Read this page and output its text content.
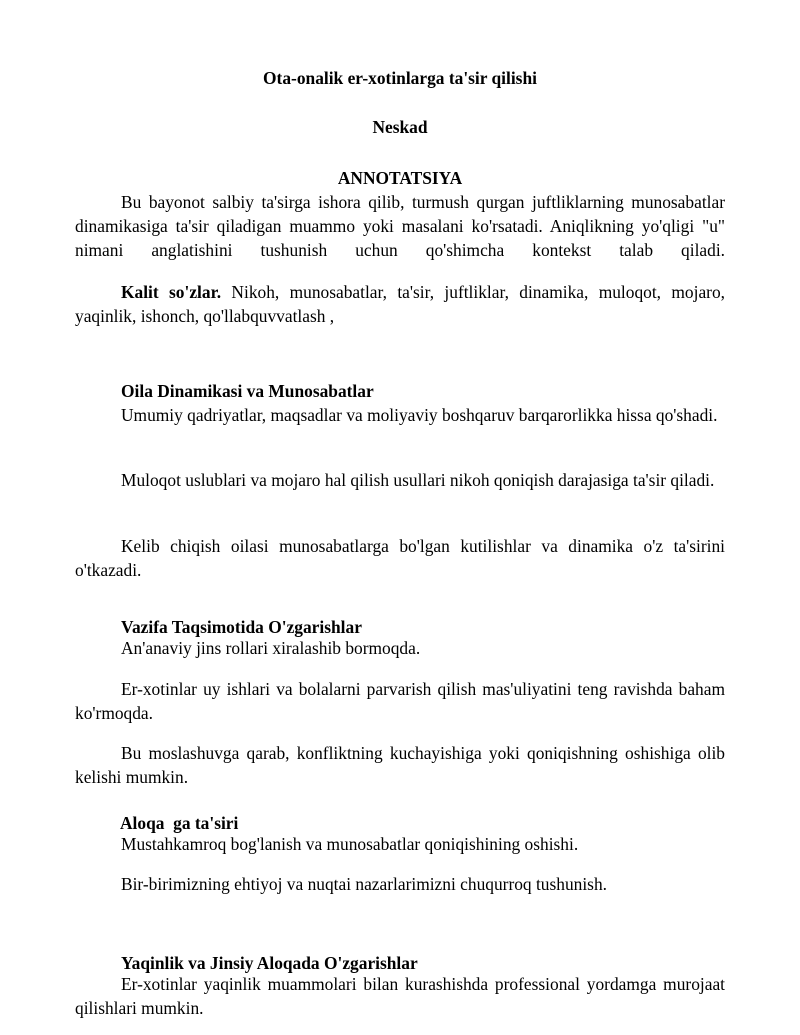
Ota-onalik er-xotinlarga ta'sir qilishi

Neskad

ANNOTATSIYA

Bu bayonot salbiy ta'sirga ishora qilib, turmush qurgan juftliklarning munosabatlar dinamikasiga ta'sir qiladigan muammo yoki masalani ko'rsatadi. Aniqlikning yo'qligi "u" nimani anglatishini tushunish uchun qo'shimcha kontekst talab qiladi.

Kalit so'zlar. Nikoh, munosabatlar, ta'sir, juftliklar, dinamika, muloqot, mojaro, yaqinlik, ishonch, qo'llabquvvatlash ,

Oila Dinamikasi va Munosabatlar

Umumiy qadriyatlar, maqsadlar va moliyaviy boshqaruv barqarorlikka hissa qo'shadi.

Muloqot uslublari va mojaro hal qilish usullari nikoh qoniqish darajasiga ta'sir qiladi.

Kelib chiqish oilasi munosabatlarga bo'lgan kutilishlar va dinamika o'z ta'sirini o'tkazadi.

Vazifa Taqsimotida O'zgarishlar

An'anaviy jins rollari xiralashib bormoqda.

Er-xotinlar uy ishlari va bolalarni parvarish qilish mas'uliyatini teng ravishda baham ko'rmoqda.

Bu moslashuvga qarab, konfliktning kuchayishiga yoki qoniqishning oshishiga olib kelishi mumkin.

Aloqa  ga ta'siri

Mustahkamroq bog'lanish va munosabatlar qoniqishining oshishi.

Bir-birimizning ehtiyoj va nuqtai nazarlarimizni chuqurroq tushunish.

Yaqinlik va Jinsiy Aloqada O'zgarishlar

Er-xotinlar yaqinlik muammolari bilan kurashishda professional yordamga murojaat qilishlari mumkin.
